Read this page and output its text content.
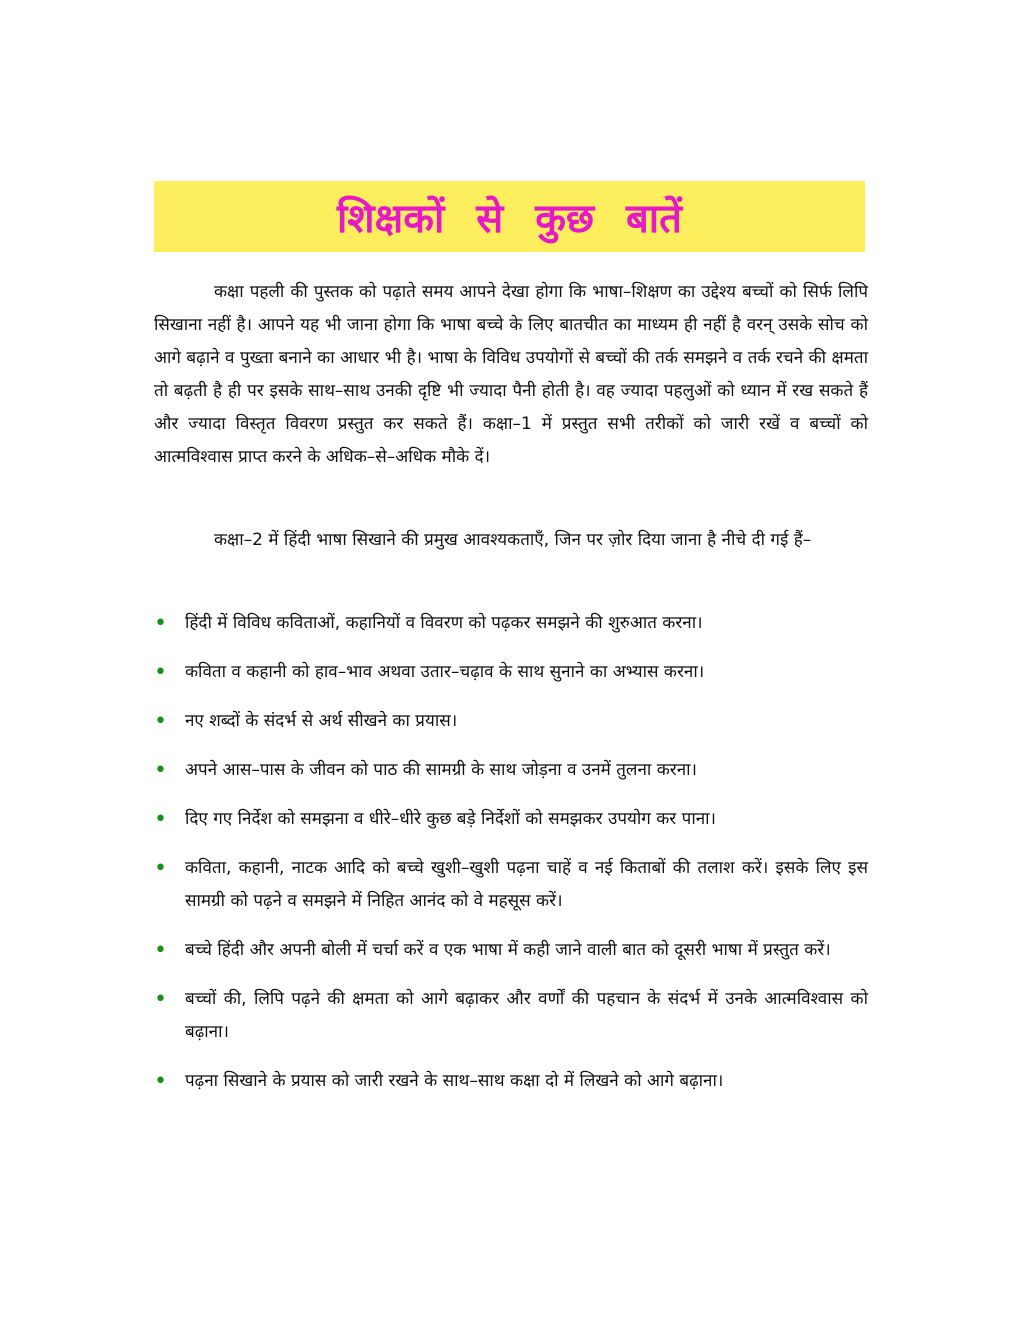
शिक्षकों से कुछ बातें

कक्षा पहली की पुस्तक को पढ़ाते समय आपने देखा होगा कि भाषा–शिक्षण का उद्देश्य बच्चों को सिर्फ लिपि सिखाना नहीं है। आपने यह भी जाना होगा कि भाषा बच्चे के लिए बातचीत का माध्यम ही नहीं है वरन् उसके सोच को आगे बढ़ाने व पुख्ता बनाने का आधार भी है। भाषा के विविध उपयोगों से बच्चों की तर्क समझने व तर्क रचने की क्षमता तो बढ़ती है ही पर इसके साथ–साथ उनकी दृष्टि भी ज्यादा पैनी होती है। वह ज्यादा पहलुओं को ध्यान में रख सकते हैं और ज्यादा विस्तृत विवरण प्रस्तुत कर सकते हैं। कक्षा–1 में प्रस्तुत सभी तरीकों को जारी रखें व बच्चों को आत्मविश्वास प्राप्त करने के अधिक–से–अधिक मौके दें।

कक्षा–2 में हिंदी भाषा सिखाने की प्रमुख आवश्यकताएँ, जिन पर ज़ोर दिया जाना है नीचे दी गई हैं–

• हिंदी में विविध कविताओं, कहानियों व विवरण को पढ़कर समझने की शुरुआत करना।
• कविता व कहानी को हाव–भाव अथवा उतार–चढ़ाव के साथ सुनाने का अभ्यास करना।
• नए शब्दों के संदर्भ से अर्थ सीखने का प्रयास।
• अपने आस–पास के जीवन को पाठ की सामग्री के साथ जोड़ना व उनमें तुलना करना।
• दिए गए निर्देश को समझना व धीरे–धीरे कुछ बड़े निर्देशों को समझकर उपयोग कर पाना।
• कविता, कहानी, नाटक आदि को बच्चे खुशी–खुशी पढ़ना चाहें व नई किताबों की तलाश करें। इसके लिए इस सामग्री को पढ़ने व समझने में निहित आनंद को वे महसूस करें।
• बच्चे हिंदी और अपनी बोली में चर्चा करें व एक भाषा में कही जाने वाली बात को दूसरी भाषा में प्रस्तुत करें।
• बच्चों की, लिपि पढ़ने की क्षमता को आगे बढ़ाकर और वर्णों की पहचान के संदर्भ में उनके आत्मविश्वास को बढ़ाना।
• पढ़ना सिखाने के प्रयास को जारी रखने के साथ–साथ कक्षा दो में लिखने को आगे बढ़ाना।
